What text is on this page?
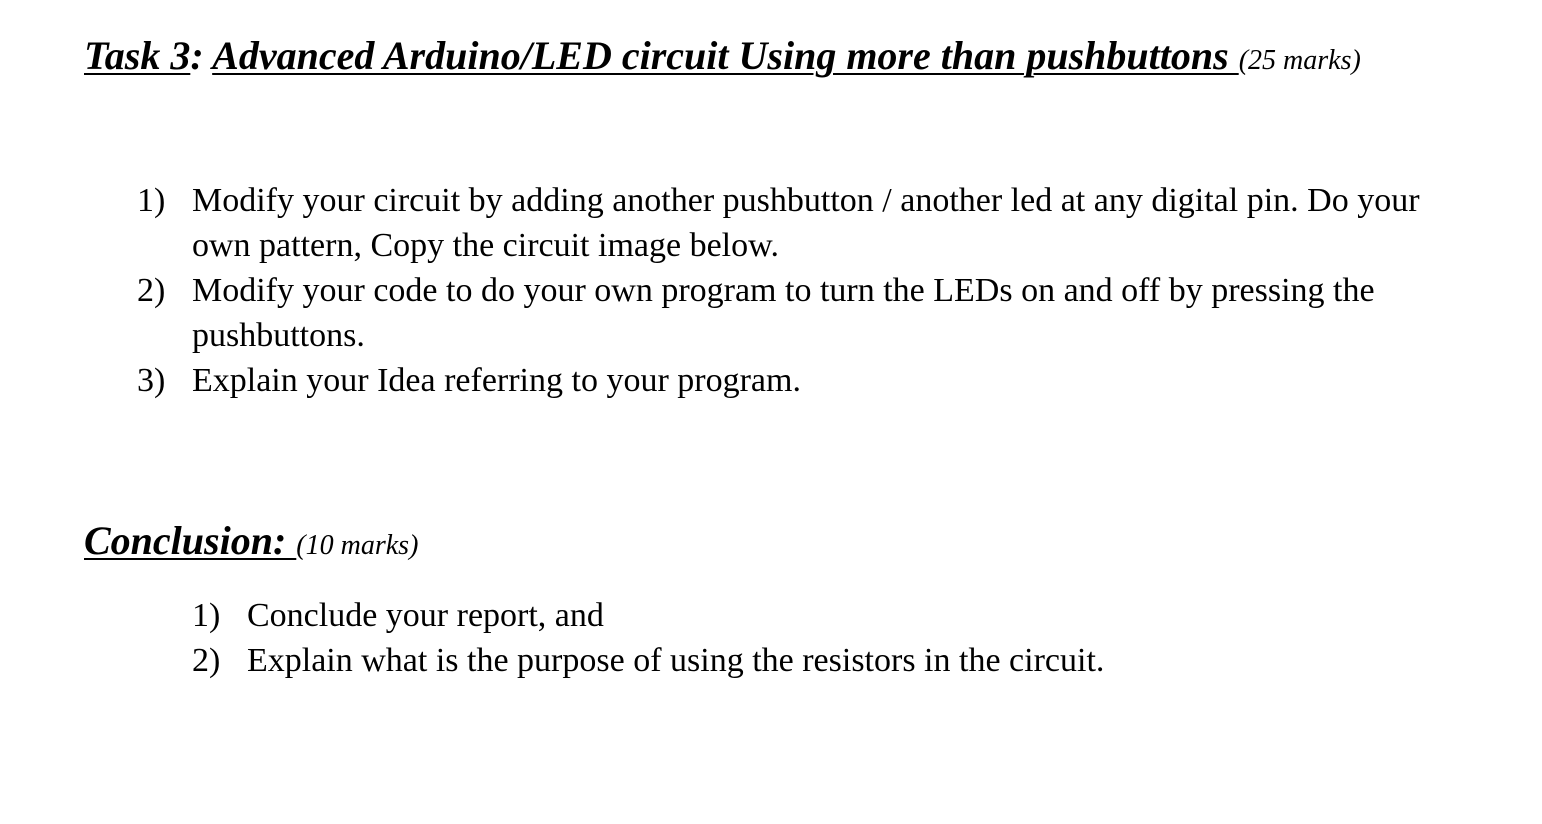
Task 3: Advanced Arduino/LED circuit Using more than pushbuttons (25 marks)
1) Modify your circuit by adding another pushbutton / another led at any digital pin. Do your own pattern, Copy the circuit image below.
2) Modify your code to do your own program to turn the LEDs on and off by pressing the pushbuttons.
3) Explain your Idea referring to your program.
Conclusion: (10 marks)
1) Conclude your report, and
2) Explain what is the purpose of using the resistors in the circuit.
